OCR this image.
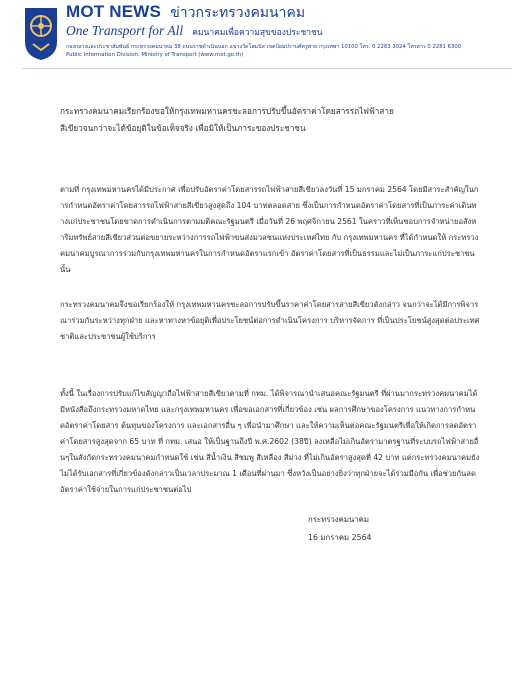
MOT NEWS ข่าวกระทรวงคมนาคม
One Transport for All คมนาคมเพื่อความสุขของประชาชน
กองกลางและประชาสัมพันธ์ กระทรวงคมนาคม 38 ถนนราชดำเนินนอก แขวงวัดโสมนัส เขตป้อมปราบศัตรูพ่าย กรุงเทพฯ 10100 โทร. 0 2283 3024 โทรสาร 0 2281 6300
Public Information Division, Ministry of Transport (www.mot.go.th)
กระทรวงคมนาคมเรียกร้องขอให้กรุงเทพมหานครชะลอการปรับขึ้นอัตราค่าโดยสารรถไฟฟ้าสาย
สีเขียวจนกว่าจะได้ข้อยุติในข้อเท็จจริง เพื่อมิให้เป็นภาระของประชาชน
ตามที่ กรุงเทพมหานครได้มีประกาศ เพื่อปรับอัตราค่าโดยสารรถไฟฟ้าสายสีเขียวลงวันที่ 15 มกราคม 2564 โดยมีสาระสำคัญในการกำหนดอัตราค่าโดยสารรถไฟฟ้าสายสีเขียวสูงสุดถึง 104 บาทตลอดสาย ซึ่งเป็นการกำหนดอัตราค่าโดยสารที่เป็นภาระค่าเดินทางแก่ประชาชนโดยขาดการดำเนินการตามมติคณะรัฐมนตรี เมื่อวันที่ 26 พฤศจิกายน 2561 ในคราวที่เห็นชอบการจำหน่ายอสังหาริมทรัพย์สายสีเขียวส่วนต่อขยายระหว่างการรถไฟฟ้าขนส่งมวลชนแห่งประเทศไทย กับ กรุงเทพมหานคร ที่ได้กำหนดให้ กระทรวงคมนาคมบูรณาการร่วมกับกรุงเทพมหานครในการกำหนดอัตราแรกเข้า อัตราค่าโดยสารที่เป็นธรรมและไม่เป็นภาระแก่ประชาชน นั้น
กระทรวงคมนาคมจึงขอเรียกร้องให้ กรุงเทพมหานครชะลอการปรับขึ้นราคาค่าโดยสารสายสีเขียวดังกล่าว จนกว่าจะได้มีการพิจารณาร่วมกันระหว่างทุกฝ่าย และหาทางหาข้อยุติเพื่อประโยชน์ต่อการดำเนินโครงการ บริหารจัดการ ที่เป็นประโยชน์สูงสุดต่อประเทศชาติและประชาชนผู้ใช้บริการ
ทั้งนี้ ในเรื่องการปรับแก้ไขสัญญาถือไฟฟ้าสายสีเขียวตามที่ กทม. ได้พิจารณานำเสนอคณะรัฐมนตรี ที่ผ่านมากระทรวงคมนาคมได้มีหนังสือถึงกระทรวงมหาดไทย และกรุงเทพมหานคร เพื่อขอเอกสารที่เกี่ยวข้อง เช่น ผลการศึกษาของโครงการ แนวทางการกำหนดอัตราค่าโดยสาร ต้นทุนของโครงการ และเอกสารอื่น ๆ เพื่อนำมาศึกษา และให้ความเห็นต่อคณะรัฐมนตรีเพื่อให้เกิดการลดอัตราค่าโดยสารสูงสุดจาก 65 บาท ที่ กทม. เสนอ ให้เป็นฐานถึงปี พ.ศ.2602 (38ปี) ลงเหลือไม่เกินอัตรามาตรฐานที่ระบบรถไฟฟ้าสายอื่นๆในสังกัดกระทรวงคมนาคมกำหนดใช้ เช่น สีน้ำเงิน สีชมพู สีเหลือง สีม่วง ที่ไม่เกินอัตราสูงสุดที่ 42 บาท แต่กระทรวงคมนาคมยังไม่ได้รับเอกสารที่เกี่ยวข้องดังกล่าวเป็นเวลาประมาณ 1 เดือนที่ผ่านมา ซึ่งหวังเป็นอย่างยิ่งว่าทุกฝ่ายจะได้ร่วมมือกัน เพื่อช่วยกันลดอัตราค่าใช้จ่ายในการแก่ประชาชนต่อไป
กระทรวงคมนาคม
16 มกราคม 2564
